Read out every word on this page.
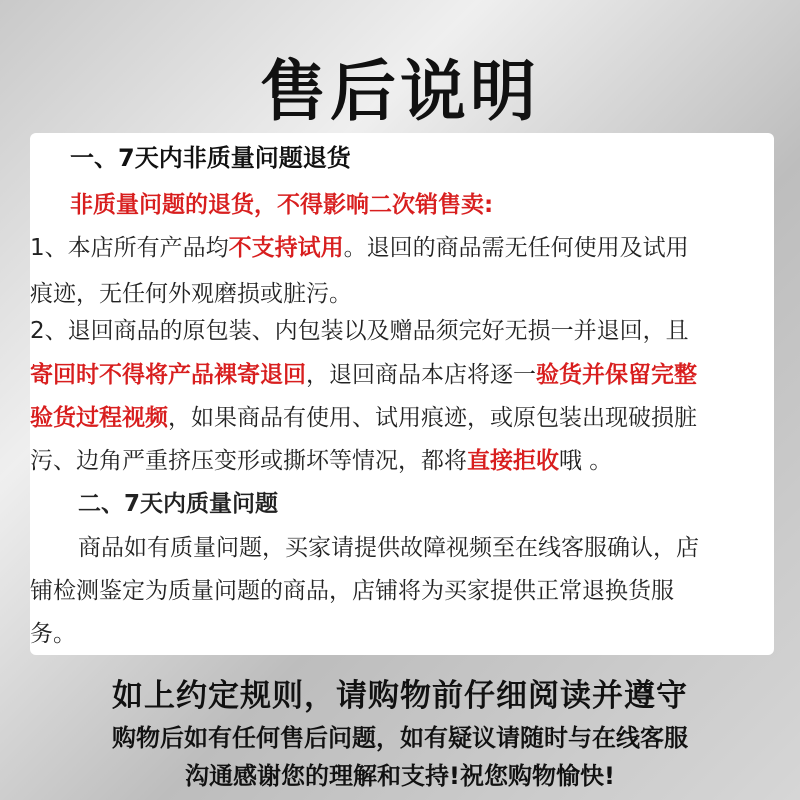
售后说明
一、7天内非质量问题退货
非质量问题的退货，不得影响二次销售卖:
1、本店所有产品均不支持试用。退回的商品需无任何使用及试用
痕迹，无任何外观磨损或脏污。
2、退回商品的原包装、内包装以及赠品须完好无损一并退回，且
寄回时不得将产品裸寄退回，退回商品本店将逐一验货并保留完整
验货过程视频，如果商品有使用、试用痕迹，或原包装出现破损脏
污、边角严重挤压变形或撕坏等情况，都将直接拒收哦 。
二、7天内质量问题
商品如有质量问题，买家请提供故障视频至在线客服确认，店
铺检测鉴定为质量问题的商品，店铺将为买家提供正常退换货服
务。
如上约定规则，请购物前仔细阅读并遵守
购物后如有任何售后问题，如有疑议请随时与在线客服
沟通感谢您的理解和支持!祝您购物愉快!
